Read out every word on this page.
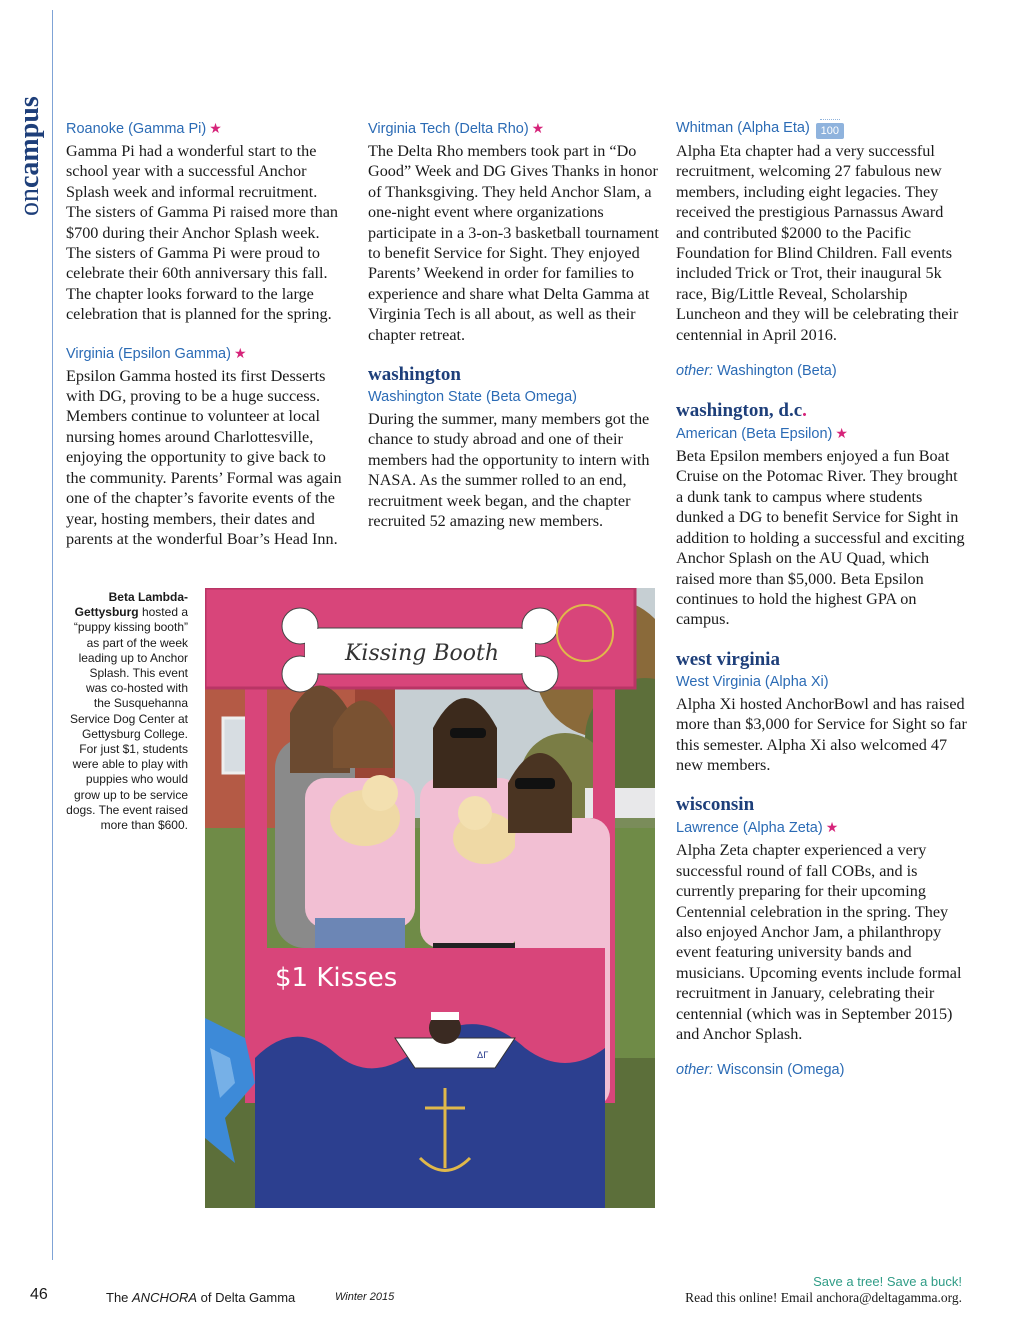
oncampus Roanoke (Gamma Pi) ★

Gamma Pi had a wonderful start to the school year with a successful Anchor Splash week and informal recruitment. The sisters of Gamma Pi raised more than $700 during their Anchor Splash week. The sisters of Gamma Pi were proud to celebrate their 60th anniversary this fall. The chapter looks forward to the large celebration that is planned for the spring.

Virginia (Epsilon Gamma) ★

Epsilon Gamma hosted its first Desserts with DG, proving to be a huge success. Members continue to volunteer at local nursing homes around Charlottesville, enjoying the opportunity to give back to the community. Parents’ Formal was again one of the chapter’s favorite events of the year, hosting members, their dates and parents at the wonderful Boar’s Head Inn.

Virginia Tech (Delta Rho) ★

The Delta Rho members took part in “Do Good” Week and DG Gives Thanks in honor of Thanksgiving. They held Anchor Slam, a one-night event where organizations participate in a 3-on-3 basketball tournament to benefit Service for Sight. They enjoyed Parents’ Weekend in order for families to experience and share what Delta Gamma at Virginia Tech is all about, as well as their chapter retreat.

washington
Washington State (Beta Omega)

During the summer, many members got the chance to study abroad and one of their members had the opportunity to intern with NASA. As the summer rolled to an end, recruitment week began, and the chapter recruited 52 amazing new members.

Whitman (Alpha Eta) 100

Alpha Eta chapter had a very successful recruitment, welcoming 27 fabulous new members, including eight legacies. They received the prestigious Parnassus Award and contributed $2000 to the Pacific Foundation for Blind Children. Fall events included Trick or Trot, their inaugural 5k race, Big/Little Reveal, Scholarship Luncheon and they will be celebrating their centennial in April 2016.

other: Washington (Beta)
washington, d.c.
American (Beta Epsilon) ★

Beta Epsilon members enjoyed a fun Boat Cruise on the Potomac River. They brought a dunk tank to campus where students dunked a DG to benefit Service for Sight in addition to holding a successful and exciting Anchor Splash on the AU Quad, which raised more than $5,000. Beta Epsilon continues to hold the highest GPA on campus.

west virginia
West Virginia (Alpha Xi)

Alpha Xi hosted AnchorBowl and has raised more than $3,000 for Service for Sight so far this semester. Alpha Xi also welcomed 47 new members.

wisconsin
Lawrence (Alpha Zeta) ★

Alpha Zeta chapter experienced a very successful round of fall COBs, and is currently preparing for their upcoming Centennial celebration in the spring. They also enjoyed Anchor Jam, a philanthropy event featuring university bands and musicians. Upcoming events include formal recruitment in January, celebrating their centennial (which was in September 2015) and Anchor Splash.

other: Wisconsin (Omega)
Beta Lambda-Gettysburg hosted a “puppy kissing booth” as part of the week leading up to Anchor Splash. This event was co-hosted with the Susquehanna Service Dog Center at Gettysburg College. For just $1, students were able to play with puppies who would grow up to be service dogs. The event raised more than $600.
Kissing Booth
$1 Kisses
ΔΓ
46	The ANCHORA of Delta Gamma	Winter 2015
Save a tree! Save a buck!
Read this online! Email anchora@deltagamma.org.
